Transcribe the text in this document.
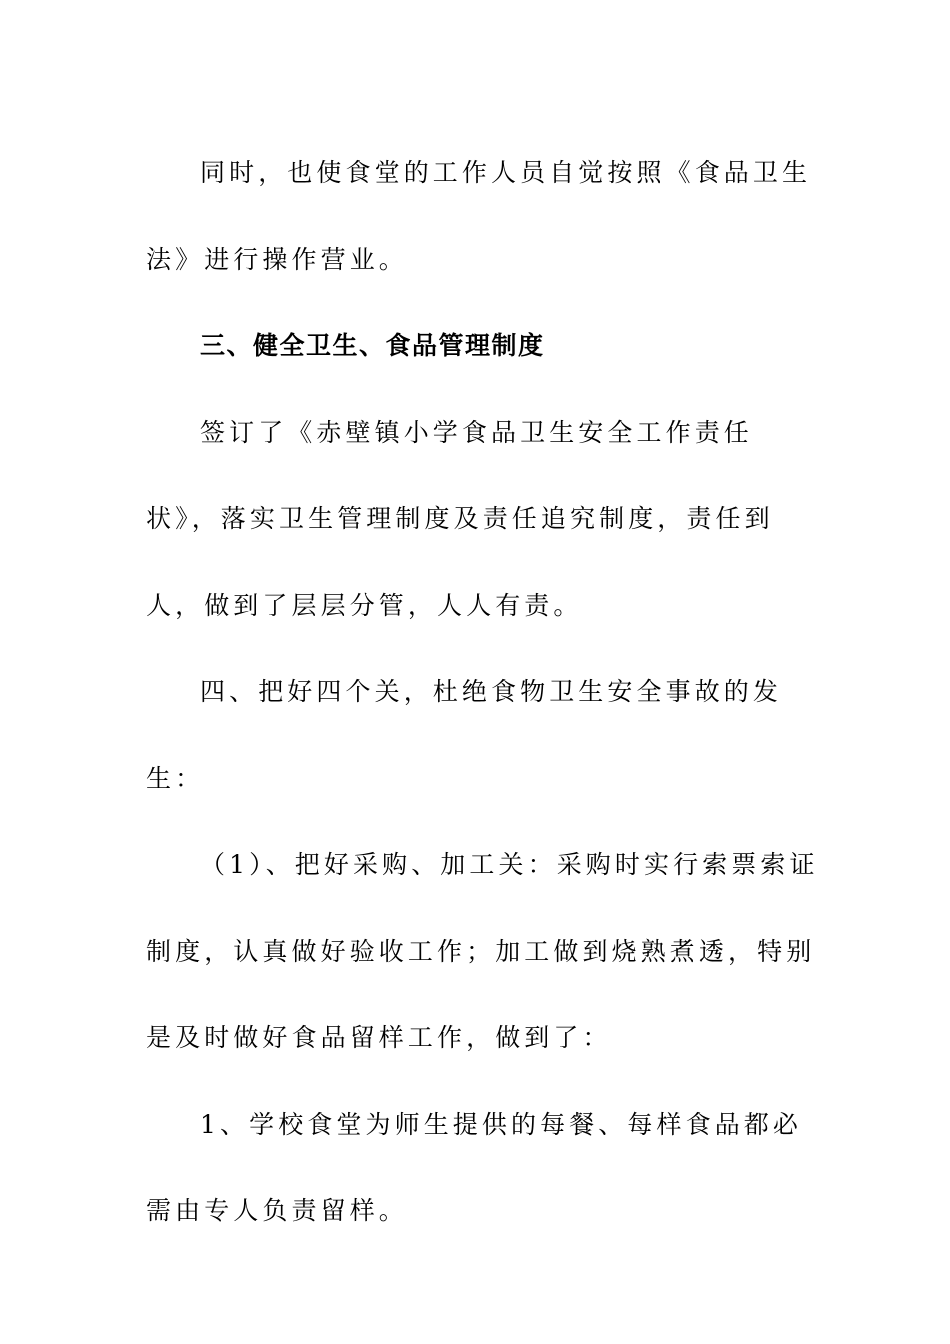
同时，也使食堂的工作人员自觉按照《食品卫生法》进行操作营业。

三、健全卫生、食品管理制度

签订了《赤壁镇小学食品卫生安全工作责任状》，落实卫生管理制度及责任追究制度，责任到人，做到了层层分管，人人有责。

四、把好四个关，杜绝食物卫生安全事故的发生：

（1）、把好采购、加工关：采购时实行索票索证制度，认真做好验收工作；加工做到烧熟煮透，特别是及时做好食品留样工作，做到了：

1、学校食堂为师生提供的每餐、每样食品都必需由专人负责留样。
